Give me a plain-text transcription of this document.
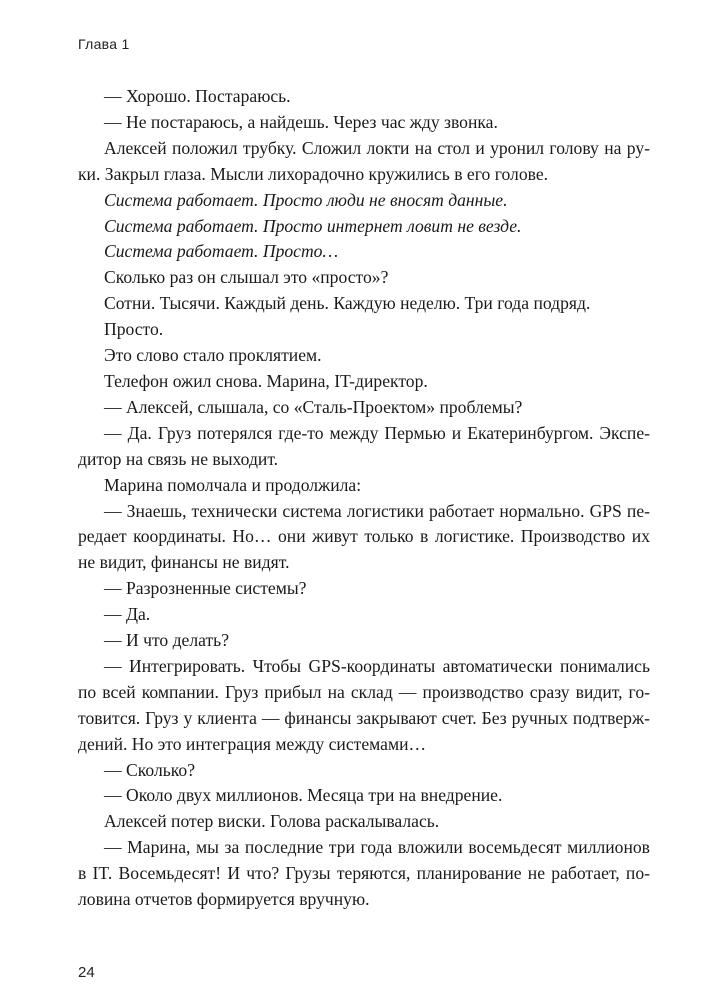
Глава 1

— Хорошо. Постараюсь.

— Не постараюсь, а найдешь. Через час жду звонка.

Алексей положил трубку. Сложил локти на стол и уронил голову на руки. Закрыл глаза. Мысли лихорадочно кружились в его голове.

Система работает. Просто люди не вносят данные.

Система работает. Просто интернет ловит не везде.

Система работает. Просто…

Сколько раз он слышал это «просто»?

Сотни. Тысячи. Каждый день. Каждую неделю. Три года подряд.

Просто.

Это слово стало проклятием.

Телефон ожил снова. Марина, IT-директор.

— Алексей, слышала, со «Сталь-Проектом» проблемы?

— Да. Груз потерялся где-то между Пермью и Екатеринбургом. Экспедитор на связь не выходит.

Марина помолчала и продолжила:

— Знаешь, технически система логистики работает нормально. GPS передает координаты. Но… они живут только в логистике. Производство их не видит, финансы не видят.

— Разрозненные системы?

— Да.

— И что делать?

— Интегрировать. Чтобы GPS-координаты автоматически понимались по всей компании. Груз прибыл на склад — производство сразу видит, готовится. Груз у клиента — финансы закрывают счет. Без ручных подтверждений. Но это интеграция между системами…

— Сколько?

— Около двух миллионов. Месяца три на внедрение.

Алексей потер виски. Голова раскалывалась.

— Марина, мы за последние три года вложили восемьдесят миллионов в IT. Восемьдесят! И что? Грузы теряются, планирование не работает, половина отчетов формируется вручную.

24
